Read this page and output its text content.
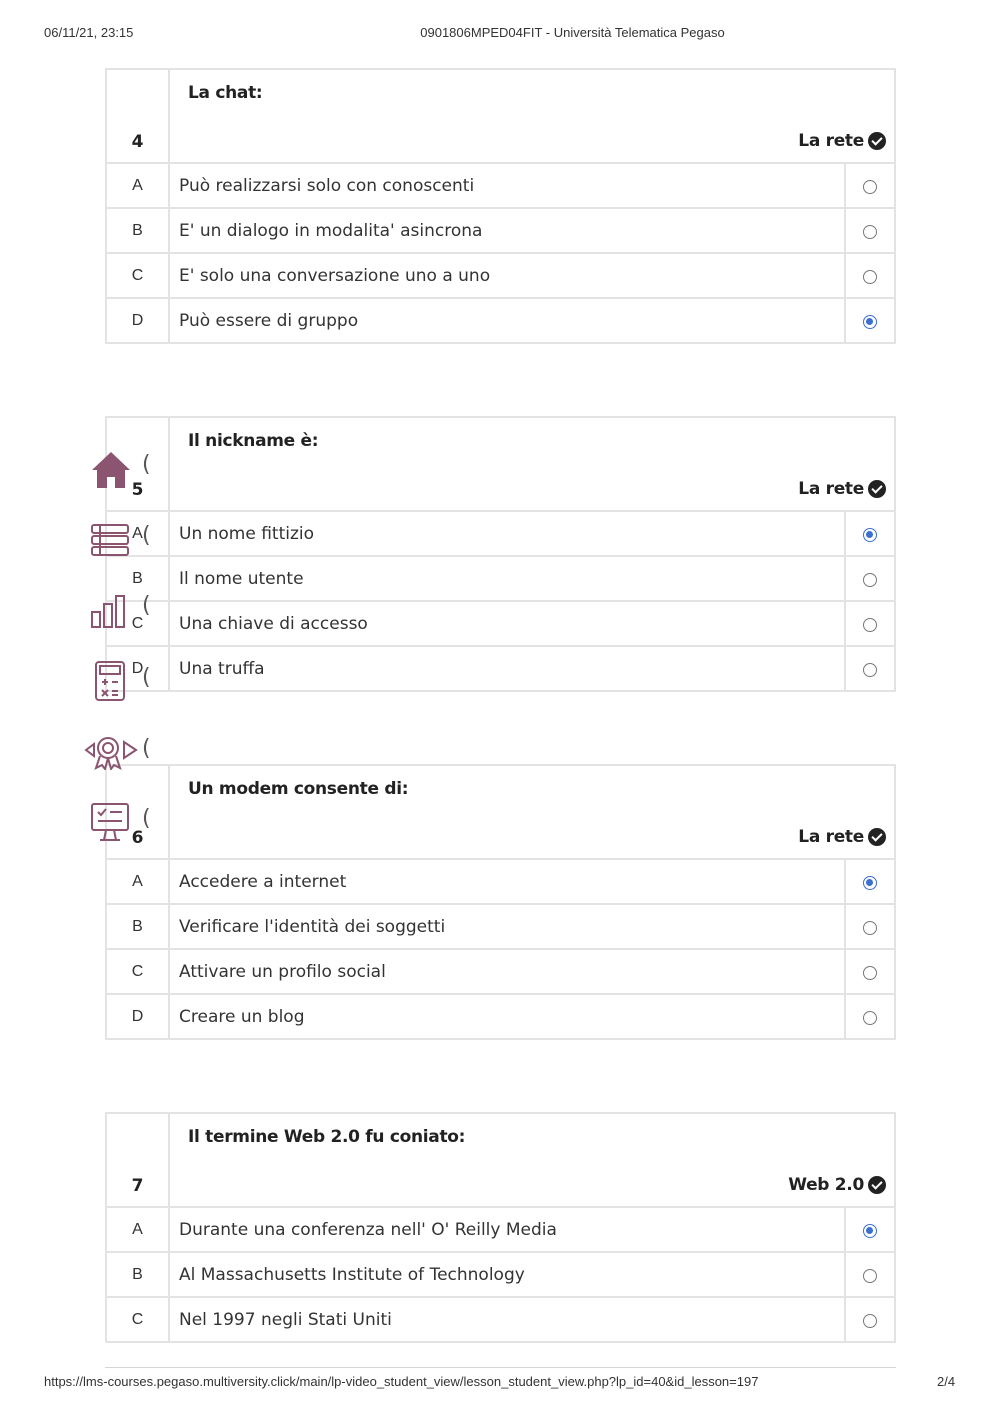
06/11/21, 23:15	0901806MPED04FIT - Università Telematica Pegaso
4	La chat:
La rete	

A	Può realizzarsi solo con conoscenti	
B	E' un dialogo in modalita' asincrona	
C	E' solo una conversazione uno a uno	
D	Può essere di gruppo	
5	Il nickname è:
La rete	

A	Un nome fittizio	
B	Il nome utente	
C	Una chiave di accesso	
D	Una truffa	
6	Un modem consente di:
La rete	

A	Accedere a internet	
B	Verificare l'identità dei soggetti	
C	Attivare un profilo social	
D	Creare un blog	
7	Il termine Web 2.0 fu coniato:
Web 2.0	

A	Durante una conferenza nell' O' Reilly Media	
B	Al Massachusetts Institute of Technology	
C	Nel 1997 negli Stati Uniti	
(
(
(
(
(
(
https://lms-courses.pegaso.multiversity.click/main/lp-video_student_view/lesson_student_view.php?lp_id=40&id_lesson=197	2/4
